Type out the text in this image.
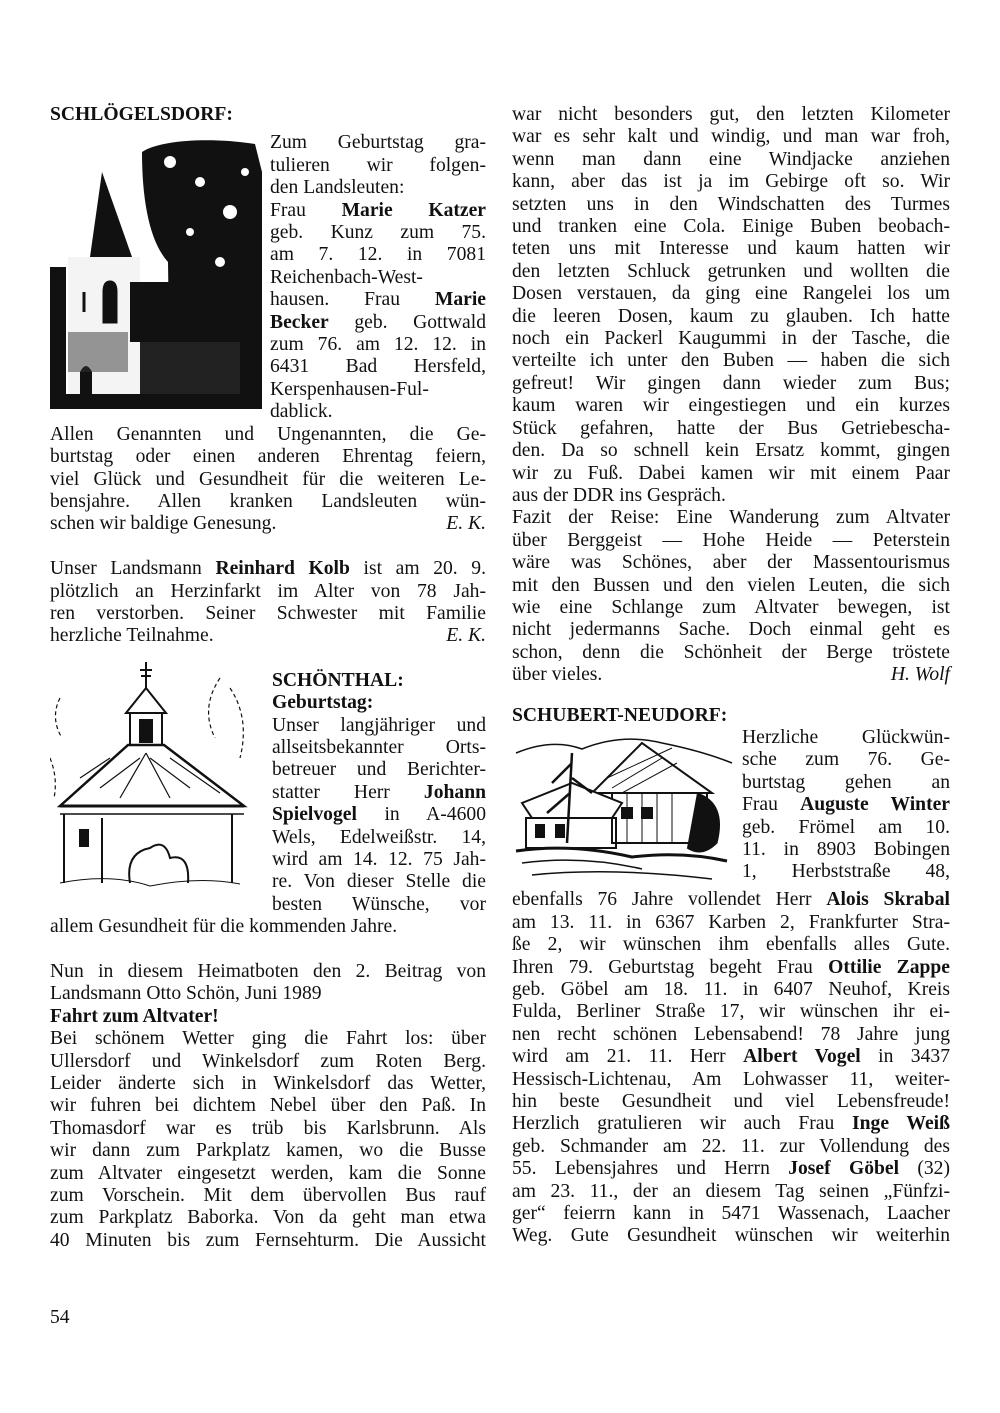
SCHLÖGELSDORF:
Zum Geburtstag gra-
tulieren wir folgen-
den Landsleuten:
Frau Marie Katzer
geb. Kunz zum 75.
am 7. 12. in 7081
Reichenbach-West-
hausen. Frau Marie
Becker geb. Gottwald
zum 76. am 12. 12. in
6431 Bad Hersfeld,
Kerspenhausen-Ful-
dablick.
Allen Genannten und Ungenannten, die Ge-
burtstag oder einen anderen Ehrentag feiern,
viel Glück und Gesundheit für die weiteren Le-
bensjahre. Allen kranken Landsleuten wün-
schen wir baldige Genesung.	E. K.
Unser Landsmann Reinhard Kolb ist am 20. 9.
plötzlich an Herzinfarkt im Alter von 78 Jah-
ren verstorben. Seiner Schwester mit Familie
herzliche Teilnahme.	E. K.
SCHÖNTHAL:
Geburtstag:
Unser langjähriger und
allseitsbekannter Orts-
betreuer und Berichter-
statter Herr Johann
Spielvogel in A-4600
Wels, Edelweißstr. 14,
wird am 14. 12. 75 Jah-
re. Von dieser Stelle die
besten Wünsche, vor
allem Gesundheit für die kommenden Jahre.
Nun in diesem Heimatboten den 2. Beitrag von
Landsmann Otto Schön, Juni 1989
Fahrt zum Altvater!
Bei schönem Wetter ging die Fahrt los: über
Ullersdorf und Winkelsdorf zum Roten Berg.
Leider änderte sich in Winkelsdorf das Wetter,
wir fuhren bei dichtem Nebel über den Paß. In
Thomasdorf war es trüb bis Karlsbrunn. Als
wir dann zum Parkplatz kamen, wo die Busse
zum Altvater eingesetzt werden, kam die Sonne
zum Vorschein. Mit dem übervollen Bus rauf
zum Parkplatz Baborka. Von da geht man etwa
40 Minuten bis zum Fernsehturm. Die Aussicht
war nicht besonders gut, den letzten Kilometer
war es sehr kalt und windig, und man war froh,
wenn man dann eine Windjacke anziehen
kann, aber das ist ja im Gebirge oft so. Wir
setzten uns in den Windschatten des Turmes
und tranken eine Cola. Einige Buben beobach-
teten uns mit Interesse und kaum hatten wir
den letzten Schluck getrunken und wollten die
Dosen verstauen, da ging eine Rangelei los um
die leeren Dosen, kaum zu glauben. Ich hatte
noch ein Packerl Kaugummi in der Tasche, die
verteilte ich unter den Buben — haben die sich
gefreut! Wir gingen dann wieder zum Bus;
kaum waren wir eingestiegen und ein kurzes
Stück gefahren, hatte der Bus Getriebescha-
den. Da so schnell kein Ersatz kommt, gingen
wir zu Fuß. Dabei kamen wir mit einem Paar
aus der DDR ins Gespräch.
Fazit der Reise: Eine Wanderung zum Altvater
über Berggeist — Hohe Heide — Peterstein
wäre was Schönes, aber der Massentourismus
mit den Bussen und den vielen Leuten, die sich
wie eine Schlange zum Altvater bewegen, ist
nicht jedermanns Sache. Doch einmal geht es
schon, denn die Schönheit der Berge tröstete
über vieles.	H. Wolf
SCHUBERT-NEUDORF:
Herzliche Glückwün-
sche zum 76. Ge-
burtstag gehen an
Frau Auguste Winter
geb. Frömel am 10.
11. in 8903 Bobingen
1, Herbststraße 48,
ebenfalls 76 Jahre vollendet Herr Alois Skrabal
am 13. 11. in 6367 Karben 2, Frankfurter Stra-
ße 2, wir wünschen ihm ebenfalls alles Gute.
Ihren 79. Geburtstag begeht Frau Ottilie Zappe
geb. Göbel am 18. 11. in 6407 Neuhof, Kreis
Fulda, Berliner Straße 17, wir wünschen ihr ei-
nen recht schönen Lebensabend! 78 Jahre jung
wird am 21. 11. Herr Albert Vogel in 3437
Hessisch-Lichtenau, Am Lohwasser 11, weiter-
hin beste Gesundheit und viel Lebensfreude!
Herzlich gratulieren wir auch Frau Inge Weiß
geb. Schmander am 22. 11. zur Vollendung des
55. Lebensjahres und Herrn Josef Göbel (32)
am 23. 11., der an diesem Tag seinen „Fünfzi-
ger“ feierrn kann in 5471 Wassenach, Laacher
Weg. Gute Gesundheit wünschen wir weiterhin
54
